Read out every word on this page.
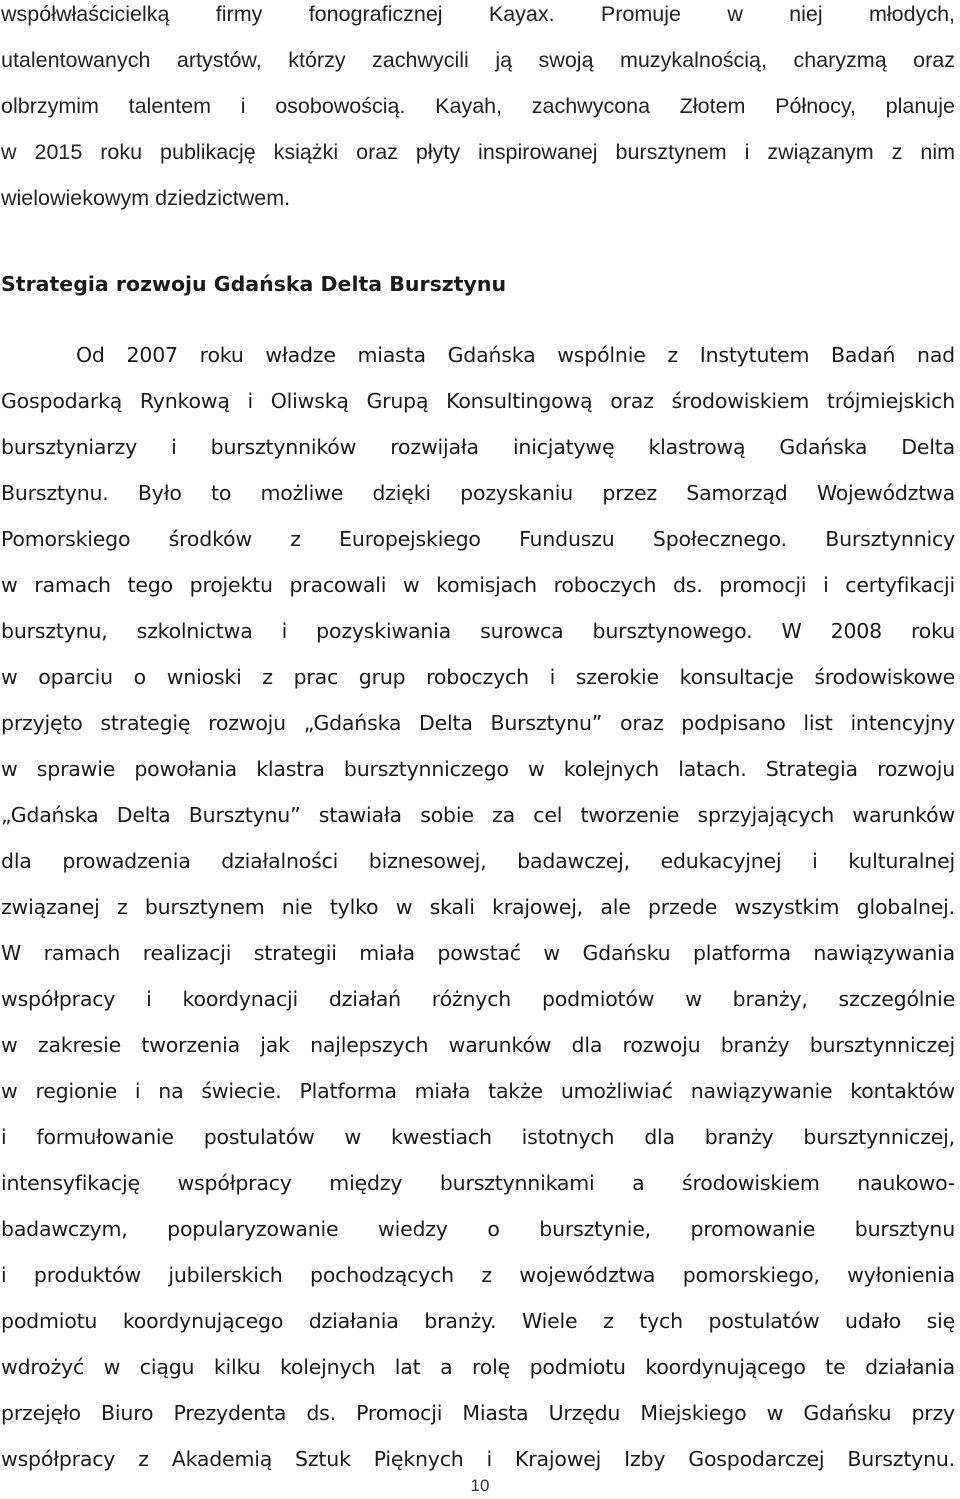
współwłaścicielką firmy fonograficznej Kayax. Promuje w niej młodych,
utalentowanych artystów, którzy zachwycili ją swoją muzykalnością, charyzmą oraz
olbrzymim talentem i osobowością. Kayah, zachwycona Złotem Północy, planuje
w 2015 roku publikację książki oraz płyty inspirowanej bursztynem i związanym z nim
wielowiekowym dziedzictwem.
Strategia rozwoju Gdańska Delta Bursztynu
Od 2007 roku władze miasta Gdańska wspólnie z Instytutem Badań nad
Gospodarką Rynkową i Oliwską Grupą Konsultingową oraz środowiskiem trójmiejskich
bursztyniarzy i bursztynników rozwijała inicjatywę klastrową Gdańska Delta
Bursztynu. Było to możliwe dzięki pozyskaniu przez Samorząd Województwa
Pomorskiego środków z Europejskiego Funduszu Społecznego. Bursztynnicy
w ramach tego projektu pracowali w komisjach roboczych ds. promocji i certyfikacji
bursztynu, szkolnictwa i pozyskiwania surowca bursztynowego. W 2008 roku
w oparciu o wnioski z prac grup roboczych i szerokie konsultacje środowiskowe
przyjęto strategię rozwoju „Gdańska Delta Bursztynu” oraz podpisano list intencyjny
w sprawie powołania klastra bursztynniczego w kolejnych latach. Strategia rozwoju
„Gdańska Delta Bursztynu” stawiała sobie za cel tworzenie sprzyjających warunków
dla prowadzenia działalności biznesowej, badawczej, edukacyjnej i kulturalnej
związanej z bursztynem nie tylko w skali krajowej, ale przede wszystkim globalnej.
W ramach realizacji strategii miała powstać w Gdańsku platforma nawiązywania
współpracy i koordynacji działań różnych podmiotów w branży, szczególnie
w zakresie tworzenia jak najlepszych warunków dla rozwoju branży bursztynniczej
w regionie i na świecie. Platforma miała także umożliwiać nawiązywanie kontaktów
i formułowanie postulatów w kwestiach istotnych dla branży bursztynniczej,
intensyfikację współpracy między bursztynnikami a środowiskiem naukowo-
badawczym, popularyzowanie wiedzy o bursztynie, promowanie bursztynu
i produktów jubilerskich pochodzących z województwa pomorskiego, wyłonienia
podmiotu koordynującego działania branży. Wiele z tych postulatów udało się
wdrożyć w ciągu kilku kolejnych lat a rolę podmiotu koordynującego te działania
przejęło Biuro Prezydenta ds. Promocji Miasta Urzędu Miejskiego w Gdańsku przy
współpracy z Akademią Sztuk Pięknych i Krajowej Izby Gospodarczej Bursztynu.
10
